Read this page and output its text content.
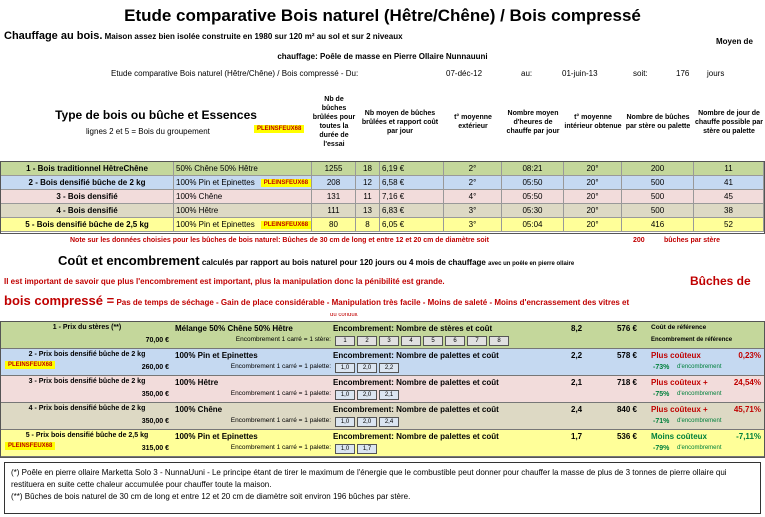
Etude comparative Bois naturel (Hêtre/Chêne) / Bois compressé
Chauffage au bois. Maison assez bien isolée construite en 1980 sur 120 m² au sol et sur 2 niveaux
Moyen de
chauffage: Poêle de masse en Pierre Ollaire Nunnauuni
Etude comparative Bois naturel (Hêtre/Chêne) / Bois compressé - Du:	07-déc-12	au:	01-juin-13	soit:	176 jours
Type de bois ou bûche et Essences
lignes 2 et 5 = Bois du groupement	PLEINSFEUX68
Nb de bûches brûlées pour toutes la durée de l'essai
Nb moyen de bûches brûlées et rapport coût par jour
t° moyenne extérieur
Nombre moyen d'heures de chauffe par jour
t° moyenne intérieur obtenue
Nombre de bûches par stère ou palette
Nombre de jour de chauffe possible par stère ou palette
1 - Bois traditionnel HêtreChêne	50% Chêne 50% Hêtre	1255	18	6,19 €	2°	08:21	20°	200	11
2 - Bois densifié bûche de 2 kg	100% Pin et Epinettes	PLEINSFEUX68	208	12	6,58 €	2°	05:50	20°	500	41
3 - Bois densifié	100% Chêne	131	11	7,16 €	4°	05:50	20°	500	45
4 - Bois densifié	100% Hêtre	111	13	6,83 €	3°	05:30	20°	500	38
5 - Bois densifié bûche de 2,5 kg	100% Pin et Epinettes	PLEINSFEUX68	80	8	6,05 €	3°	05:04	20°	416	52
Note sur les données choisies pour les bûches de bois naturel: Bûches de 30 cm de long et entre 12 et 20 cm de diamètre soit	200	bûches par stère
Coût et encombrement calculés par rapport au bois naturel pour 120 jours ou 4 mois de chauffage avec un poêle en pierre ollaire
Il est important de savoir que plus l'encombrement est important, plus la manipulation donc la pénibilité est grande.	Bûches de
bois compressé = Pas de temps de séchage - Gain de place considérable - Manipulation très facile - Moins de saleté - Moins d'encrassement des vitres et
du conduit
1 - Prix du stères (**)
70,00 €
Mélange 50% Chêne 50% Hêtre
Encombrement 1 carré = 1 stère:
Encombrement: Nombre de stères et coût
1	2	3	4	5	6	7	8
8,2	576 € Coût de référence
Encombrement de référence
2 - Prix bois densifié bûche de 2 kg
260,00 €
PLEINSFEUX68
100% Pin et Epinettes
Encombrement 1 carré = 1 palette:
Encombrement: Nombre de palettes et coût
1,0	2,0	2,2
2,2	578 € Plus coûteux	0,23%
-73% d'encombrement
3 - Prix bois densifié bûche de 2 kg
350,00 €
100% Hêtre
Encombrement 1 carré = 1 palette:
Encombrement: Nombre de palettes et coût
1,0	2,0	2,1
2,1	718 € Plus coûteux +	24,54%
-75% d'encombrement
4 - Prix bois densifié bûche de 2 kg
350,00 €
100% Chêne
Encombrement 1 carré = 1 palette:
Encombrement: Nombre de palettes et coût
1,0	2,0	2,4
2,4	840 € Plus coûteux +	45,71%
-71% d'encombrement
5 - Prix bois densifié bûche de 2,5 kg
315,00 €
PLEINSFEUX68
100% Pin et Epinettes
Encombrement 1 carré = 1 palette:
Encombrement: Nombre de palettes et coût
1,0	1,7
1,7	536 € Moins coûteux	-7,11%
-79% d'encombrement
(*) Poêle en pierre ollaire Marketta Solo 3 - NunnaUuni - Le principe étant de tirer le maximum de l'énergie que le combustible peut donner pour chauffer la masse de plus de 3 tonnes de pierre ollaire qui restituera en suite cette chaleur accumulée pour chauffer toute la maison.
(**) Bûches de bois naturel de 30 cm de long et entre 12 et 20 cm de diamètre soit environ 196 bûches par stère.
